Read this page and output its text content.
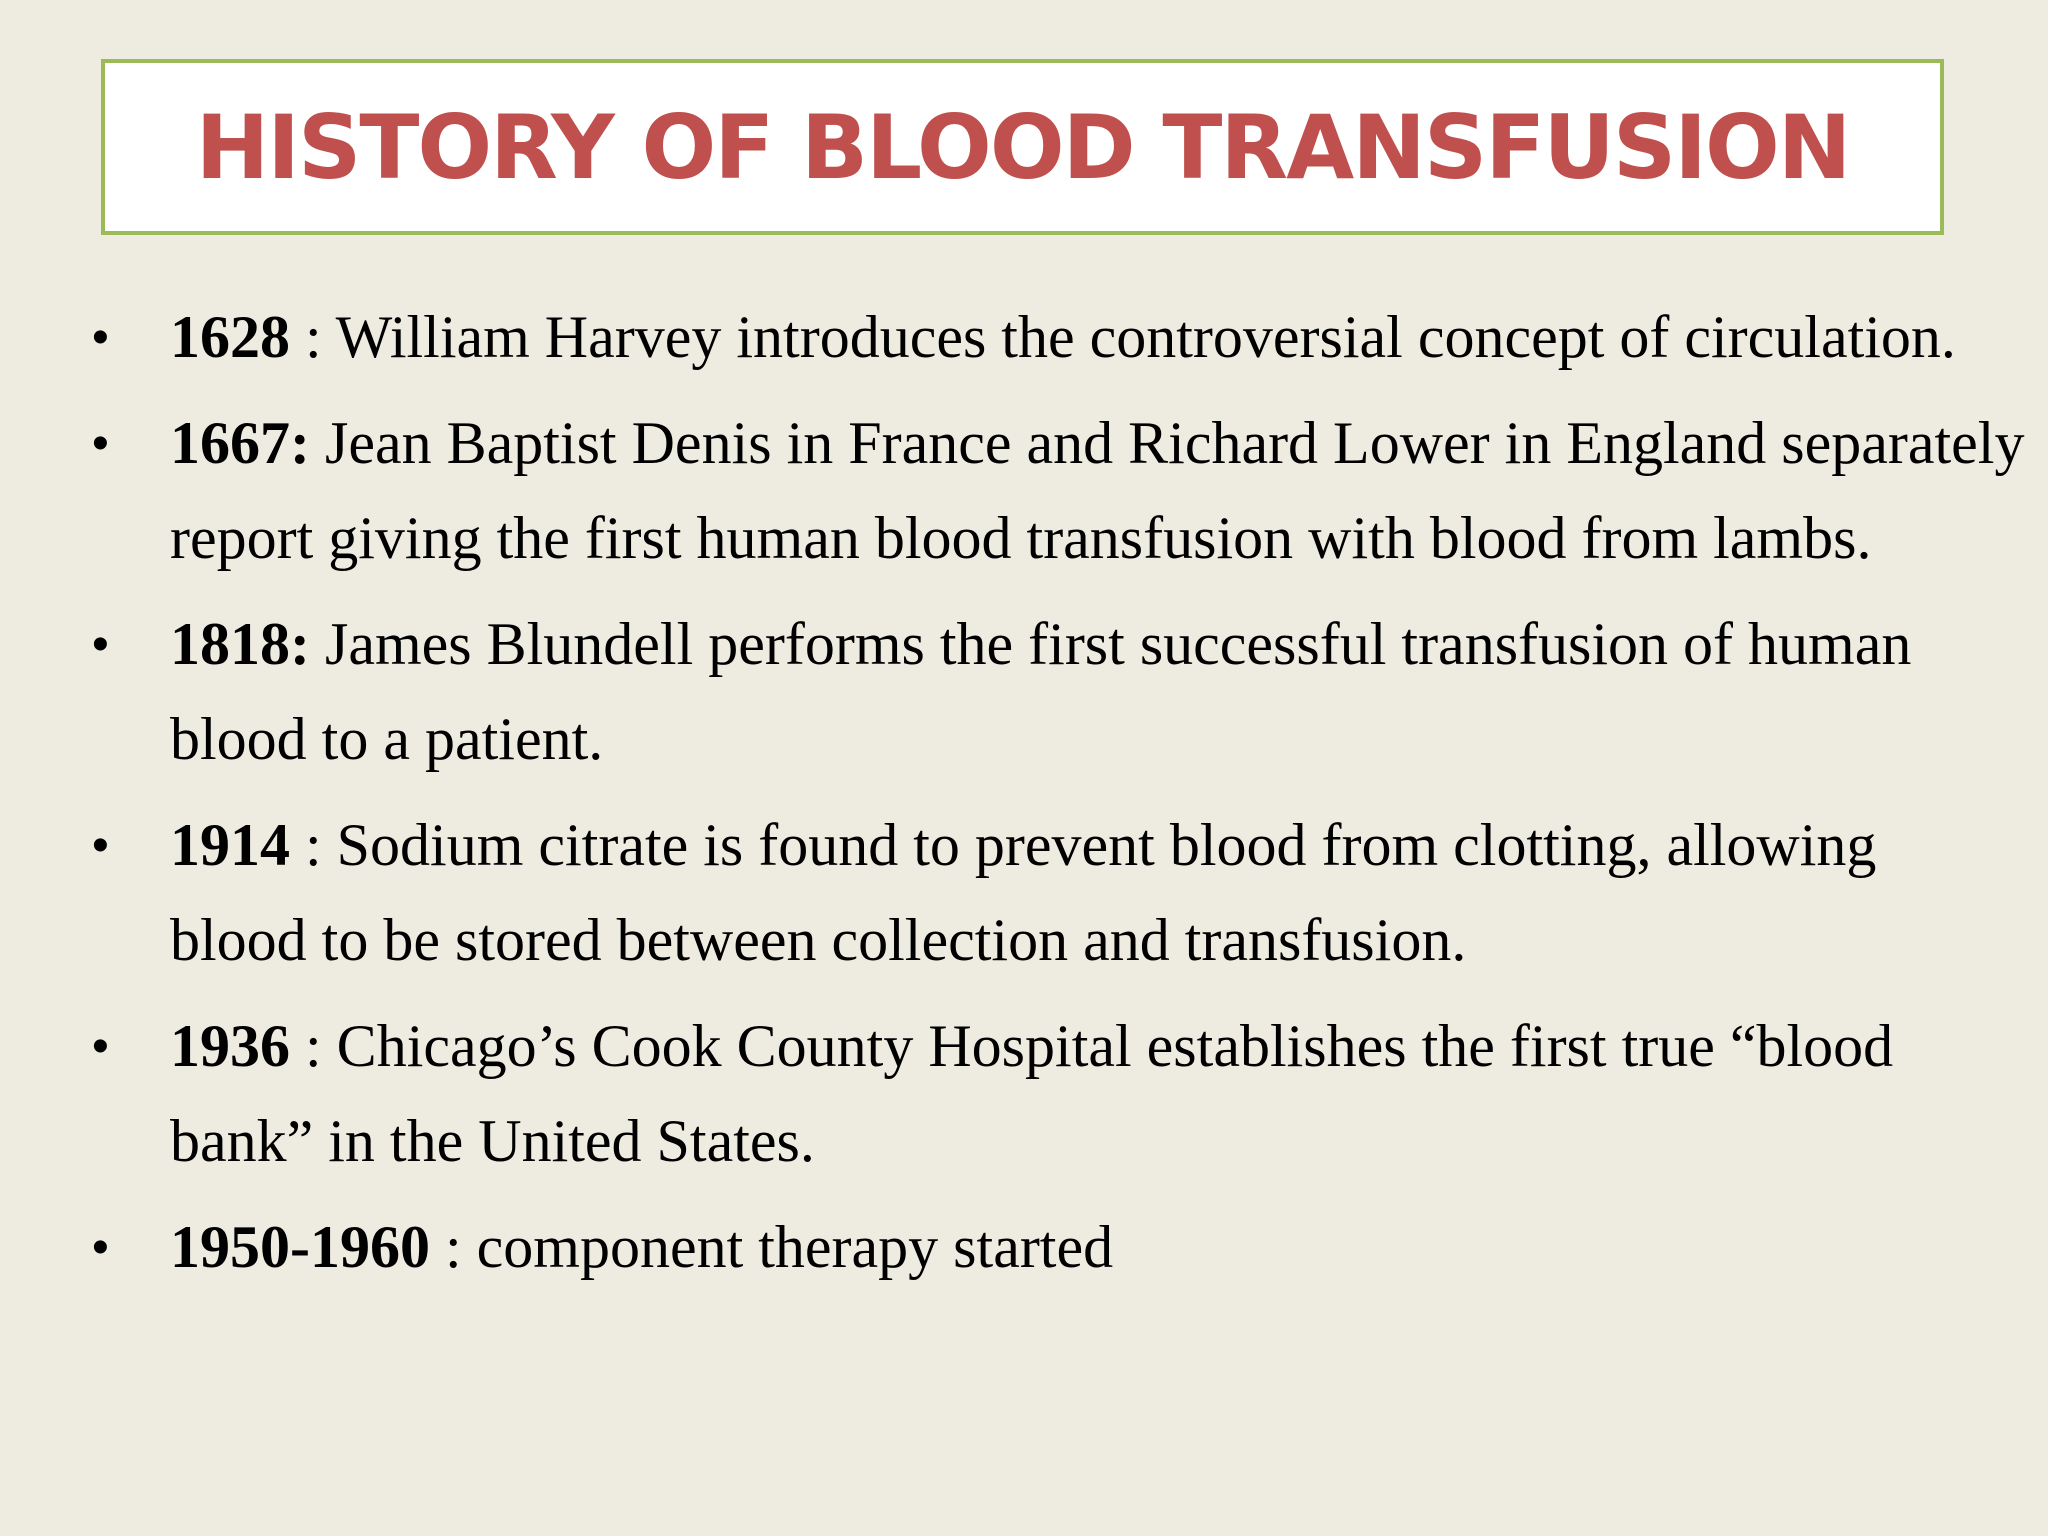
HISTORY OF BLOOD TRANSFUSION
• 1628 : William Harvey introduces the controversial concept of circulation.
• 1667: Jean Baptist Denis in France and Richard Lower in England separately report giving the first human blood transfusion with blood from lambs.
• 1818: James Blundell performs the first successful transfusion of human blood to a patient.
• 1914 : Sodium citrate is found to prevent blood from clotting, allowing blood to be stored between collection and transfusion.
• 1936 : Chicago’s Cook County Hospital establishes the first true “blood bank” in the United States.
• 1950-1960 : component therapy started
